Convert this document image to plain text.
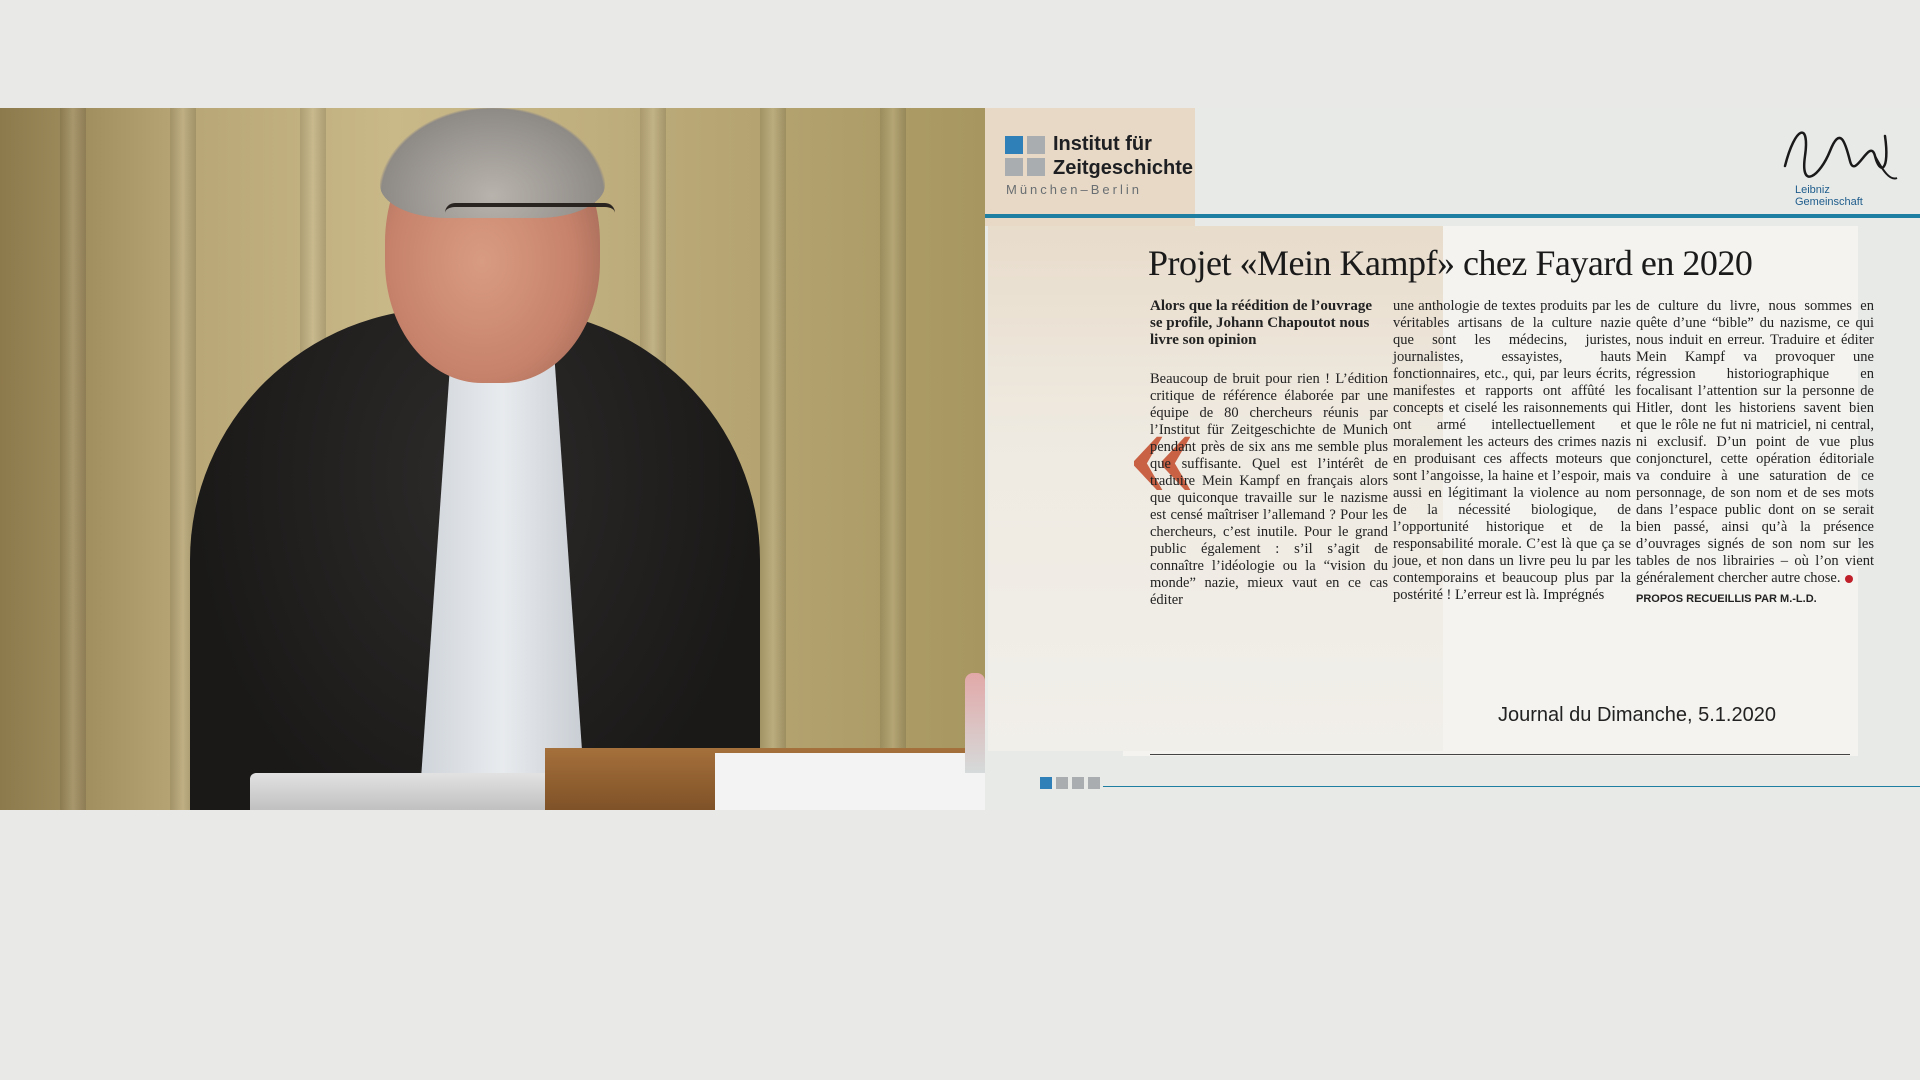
Institut für
Zeitgeschichte
München–Berlin	Leibniz
Gemeinschaft
Projet «Mein Kampf» chez Fayard en 2020
«
Alors que la réédition de l’ouvrage se profile, Johann Chapoutot nous livre son opinion
Beaucoup de bruit pour rien ! L’édition critique de référence élaborée par une équipe de 80 chercheurs réunis par l’Institut für Zeitgeschichte de Munich pendant près de six ans me semble plus que suffisante. Quel est l’intérêt de traduire Mein Kampf en français alors que quiconque travaille sur le nazisme est censé maîtriser l’allemand ? Pour les chercheurs, c’est inutile. Pour le grand public également : s’il s’agit de connaître l’idéologie ou la “vision du monde” nazie, mieux vaut en ce cas éditer
une anthologie de textes produits par les véritables artisans de la culture nazie que sont les médecins, juristes, journalistes, essayistes, hauts fonctionnaires, etc., qui, par leurs écrits, manifestes et rapports ont affûté les concepts et ciselé les raisonnements qui ont armé intellectuellement et moralement les acteurs des crimes nazis en produisant ces affects moteurs que sont l’angoisse, la haine et l’espoir, mais aussi en légitimant la violence au nom de la nécessité biologique, de l’opportunité historique et de la responsabilité morale. C’est là que ça se joue, et non dans un livre peu lu par les contemporains et beaucoup plus par la postérité ! L’erreur est là. Imprégnés
de culture du livre, nous sommes en quête d’une “bible” du nazisme, ce qui nous induit en erreur. Traduire et éditer Mein Kampf va provoquer une régression historiographique en focalisant l’attention sur la personne de Hitler, dont les historiens savent bien que le rôle ne fut ni matriciel, ni central, ni exclusif. D’un point de vue plus conjoncturel, cette opération éditoriale va conduire à une saturation de ce personnage, de son nom et de ses mots dans l’espace public dont on se serait bien passé, ainsi qu’à la présence d’ouvrages signés de son nom sur les tables de nos librairies – où l’on vient généralement chercher autre chose.
PROPOS RECUEILLIS PAR M.-L.D.
Journal du Dimanche, 5.1.2020
